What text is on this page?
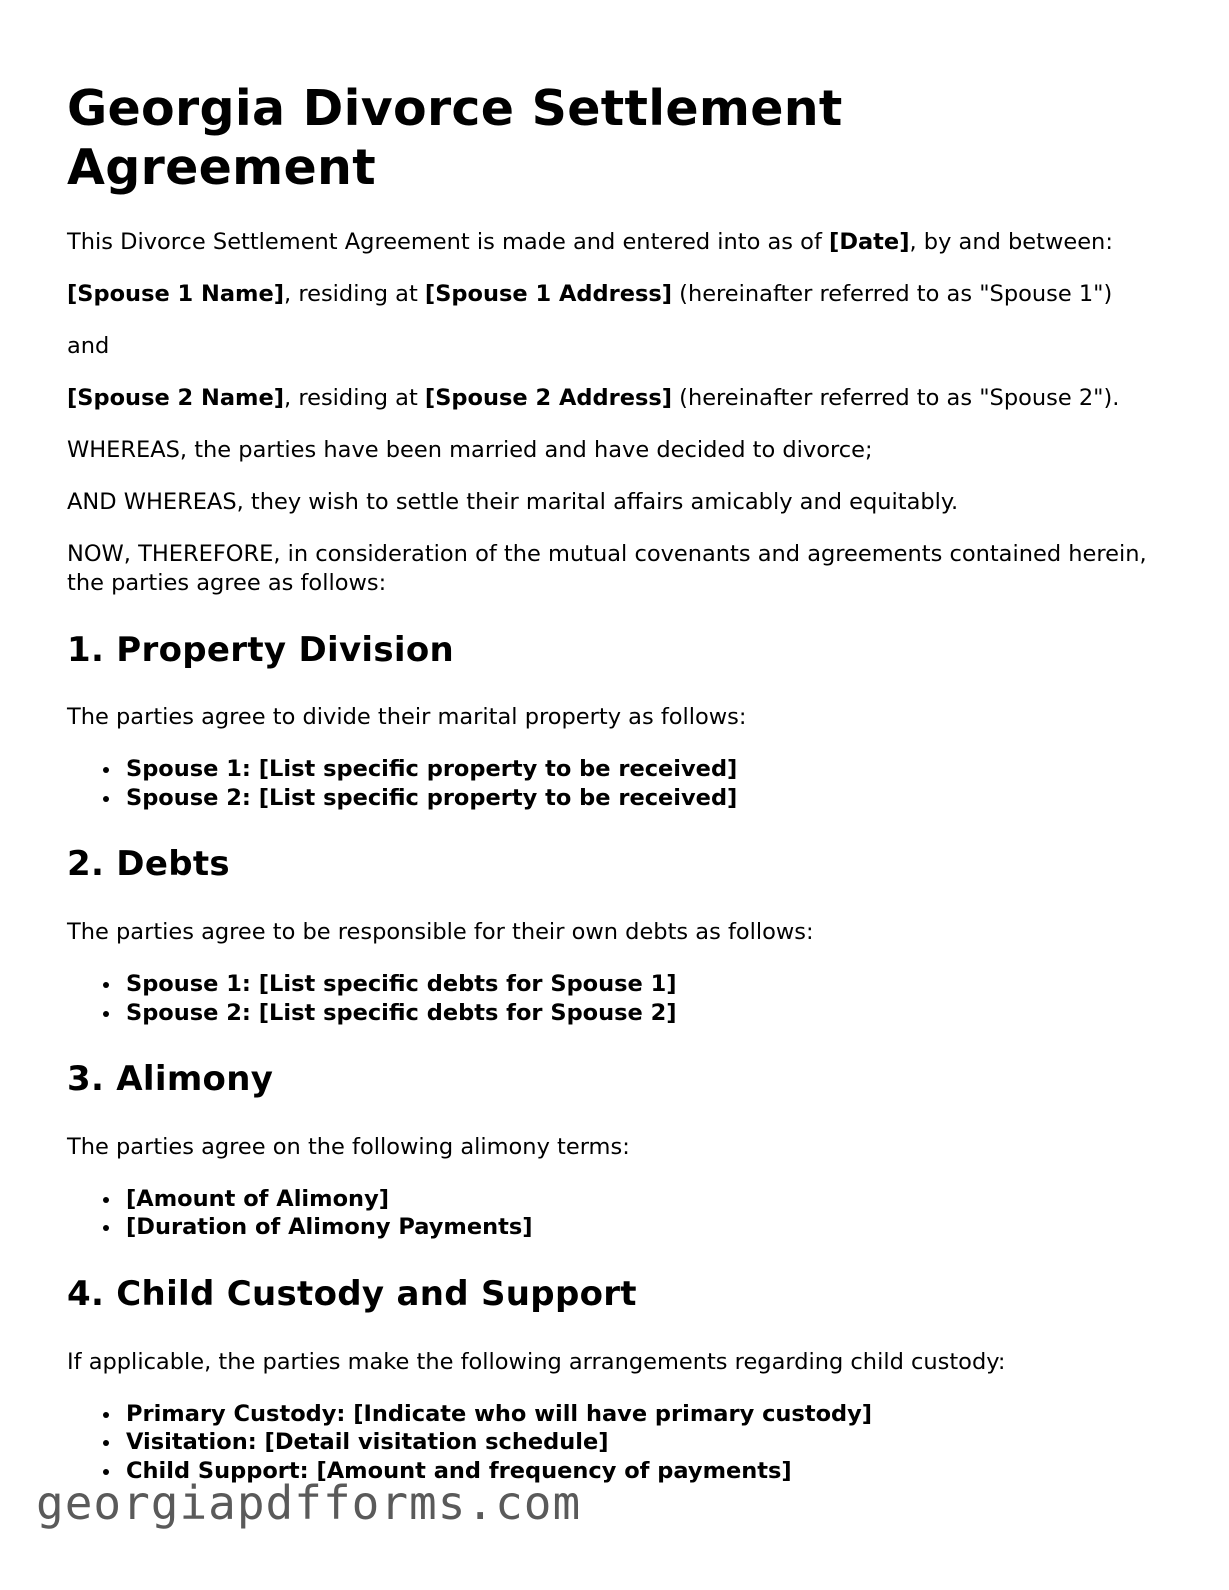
Georgia Divorce Settlement Agreement

This Divorce Settlement Agreement is made and entered into as of [Date], by and between:

[Spouse 1 Name], residing at [Spouse 1 Address] (hereinafter referred to as "Spouse 1")

and

[Spouse 2 Name], residing at [Spouse 2 Address] (hereinafter referred to as "Spouse 2").

WHEREAS, the parties have been married and have decided to divorce;

AND WHEREAS, they wish to settle their marital affairs amicably and equitably.

NOW, THEREFORE, in consideration of the mutual covenants and agreements contained herein, the parties agree as follows:

1. Property Division

The parties agree to divide their marital property as follows:

Spouse 1: [List specific property to be received]
Spouse 2: [List specific property to be received]
2. Debts

The parties agree to be responsible for their own debts as follows:

Spouse 1: [List specific debts for Spouse 1]
Spouse 2: [List specific debts for Spouse 2]
3. Alimony

The parties agree on the following alimony terms:

[Amount of Alimony]
[Duration of Alimony Payments]
4. Child Custody and Support

If applicable, the parties make the following arrangements regarding child custody:

Primary Custody: [Indicate who will have primary custody]
Visitation: [Detail visitation schedule]
Child Support: [Amount and frequency of payments]
georgiapdfforms.com
